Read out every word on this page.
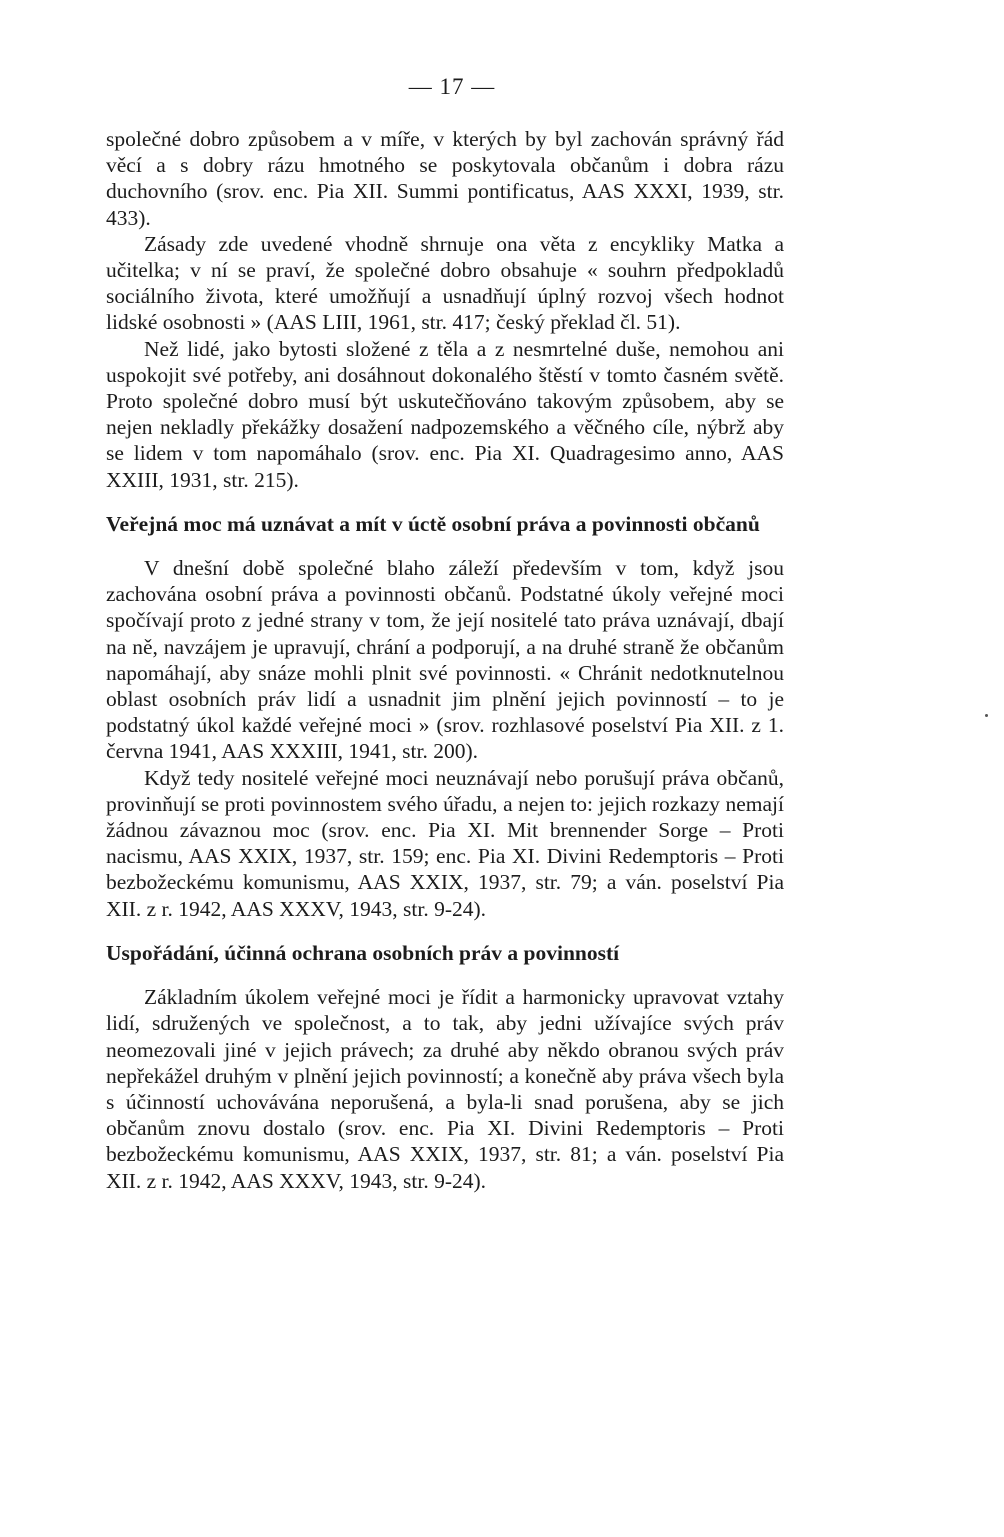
— 17 —

společné dobro způsobem a v míře, v kterých by byl zachován správný řád věcí a s dobry rázu hmotného se poskytovala občanům i dobra rázu duchovního (srov. enc. Pia XII. Summi pontificatus, AAS XXXI, 1939, str. 433).

Zásady zde uvedené vhodně shrnuje ona věta z encykliky Matka a učitelka; v ní se praví, že společné dobro obsahuje « souhrn předpokladů sociálního života, které umožňují a usnadňují úplný rozvoj všech hodnot lidské osobnosti » (AAS LIII, 1961, str. 417; český překlad čl. 51).

Než lidé, jako bytosti složené z těla a z nesmrtelné duše, nemohou ani uspokojit své potřeby, ani dosáhnout dokonalého štěstí v tomto časném světě. Proto společné dobro musí být uskutečňováno takovým způsobem, aby se nejen nekladly překážky dosažení nadpozemského a věčného cíle, nýbrž aby se lidem v tom napomáhalo (srov. enc. Pia XI. Quadragesimo anno, AAS XXIII, 1931, str. 215).

Veřejná moc má uznávat a mít v úctě osobní práva a povinnosti občanů

V dnešní době společné blaho záleží především v tom, když jsou zachována osobní práva a povinnosti občanů. Podstatné úkoly veřejné moci spočívají proto z jedné strany v tom, že její nositelé tato práva uznávají, dbají na ně, navzájem je upravují, chrání a podporují, a na druhé straně že občanům napomáhají, aby snáze mohli plnit své povinnosti. « Chránit nedotknutelnou oblast osobních práv lidí a usnadnit jim plnění jejich povinností – to je podstatný úkol každé veřejné moci » (srov. rozhlasové poselství Pia XII. z 1. června 1941, AAS XXXIII, 1941, str. 200).

Když tedy nositelé veřejné moci neuznávají nebo porušují práva občanů, provinňují se proti povinnostem svého úřadu, a nejen to: jejich rozkazy nemají žádnou závaznou moc (srov. enc. Pia XI. Mit brennender Sorge – Proti nacismu, AAS XXIX, 1937, str. 159; enc. Pia XI. Divini Redemptoris – Proti bezbožeckému komunismu, AAS XXIX, 1937, str. 79; a ván. poselství Pia XII. z r. 1942, AAS XXXV, 1943, str. 9-24).

Uspořádání, účinná ochrana osobních práv a povinností

Základním úkolem veřejné moci je řídit a harmonicky upravovat vztahy lidí, sdružených ve společnost, a to tak, aby jedni užívajíce svých práv neomezovali jiné v jejich právech; za druhé aby někdo obranou svých práv nepřekážel druhým v plnění jejich povinností; a konečně aby práva všech byla s účinností uchovávána neporušená, a byla-li snad porušena, aby se jich občanům znovu dostalo (srov. enc. Pia XI. Divini Redemptoris – Proti bezbožeckému komunismu, AAS XXIX, 1937, str. 81; a ván. poselství Pia XII. z r. 1942, AAS XXXV, 1943, str. 9-24).
